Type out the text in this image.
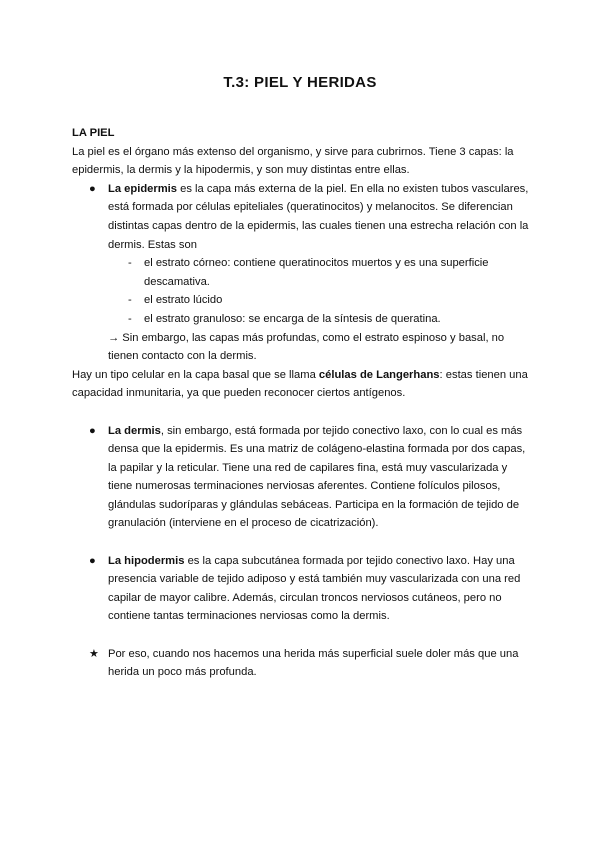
T.3: PIEL Y HERIDAS

LA PIEL

La piel es el órgano más extenso del organismo, y sirve para cubrirnos. Tiene 3 capas: la epidermis, la dermis y la hipodermis, y son muy distintas entre ellas.

● La epidermis es la capa más externa de la piel. En ella no existen tubos vasculares, está formada por células epiteliales (queratinocitos) y melanocitos. Se diferencian distintas capas dentro de la epidermis, las cuales tienen una estrecha relación con la dermis. Estas son

- el estrato córneo: contiene queratinocitos muertos y es una superficie descamativa.

- el estrato lúcido

- el estrato granuloso: se encarga de la síntesis de queratina.

→ Sin embargo, las capas más profundas, como el estrato espinoso y basal, no tienen contacto con la dermis.

Hay un tipo celular en la capa basal que se llama células de Langerhans: estas tienen una capacidad inmunitaria, ya que pueden reconocer ciertos antígenos.

● La dermis, sin embargo, está formada por tejido conectivo laxo, con lo cual es más densa que la epidermis. Es una matriz de colágeno-elastina formada por dos capas, la papilar y la reticular. Tiene una red de capilares fina, está muy vascularizada y tiene numerosas terminaciones nerviosas aferentes. Contiene folículos pilosos, glándulas sudoríparas y glándulas sebáceas. Participa en la formación de tejido de granulación (interviene en el proceso de cicatrización).

● La hipodermis es la capa subcutánea formada por tejido conectivo laxo. Hay una presencia variable de tejido adiposo y está también muy vascularizada con una red capilar de mayor calibre. Además, circulan troncos nerviosos cutáneos, pero no contiene tantas terminaciones nerviosas como la dermis.

★ Por eso, cuando nos hacemos una herida más superficial suele doler más que una herida un poco más profunda.
